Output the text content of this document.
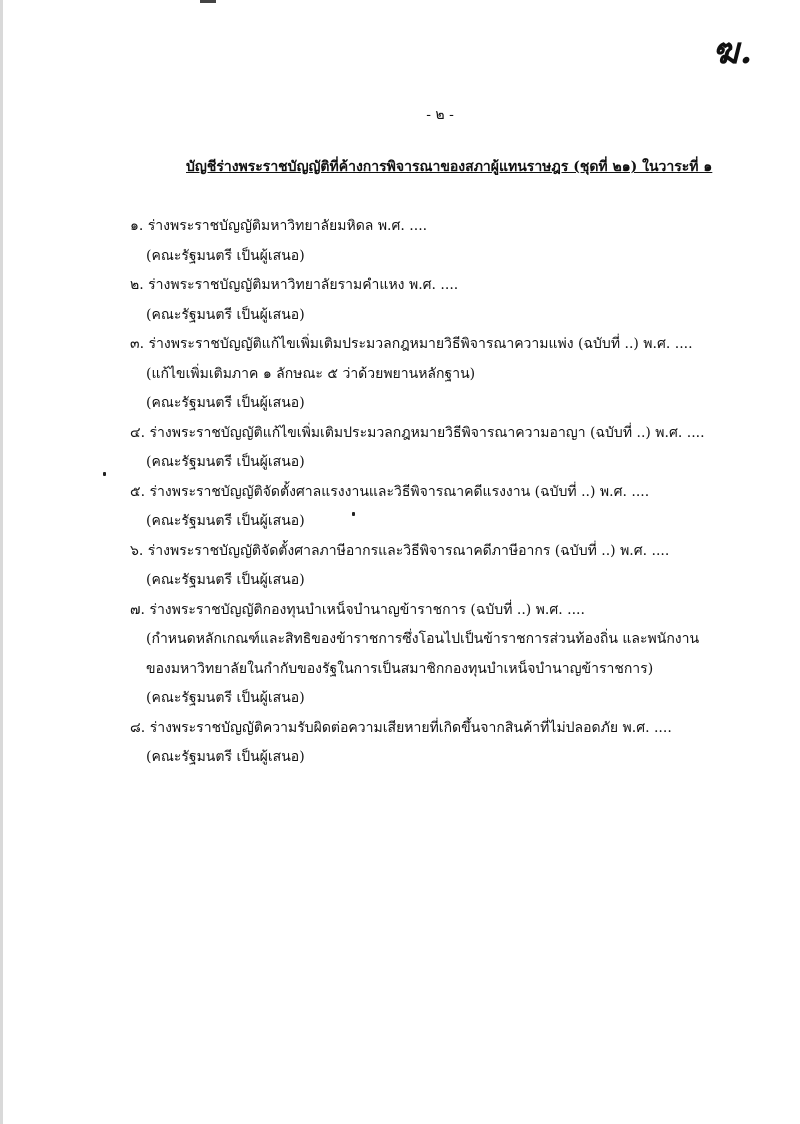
ฆ.
- ๒ -
บัญชีร่างพระราชบัญญัติที่ค้างการพิจารณาของสภาผู้แทนราษฎร (ชุดที่ ๒๑) ในวาระที่ ๑
๑. ร่างพระราชบัญญัติมหาวิทยาลัยมหิดล พ.ศ. ....
(คณะรัฐมนตรี เป็นผู้เสนอ)
๒. ร่างพระราชบัญญัติมหาวิทยาลัยรามคำแหง พ.ศ. ....
(คณะรัฐมนตรี เป็นผู้เสนอ)
๓. ร่างพระราชบัญญัติแก้ไขเพิ่มเติมประมวลกฎหมายวิธีพิจารณาความแพ่ง (ฉบับที่ ..) พ.ศ. ....
(แก้ไขเพิ่มเติมภาค ๑ ลักษณะ ๕ ว่าด้วยพยานหลักฐาน)
(คณะรัฐมนตรี เป็นผู้เสนอ)
๔. ร่างพระราชบัญญัติแก้ไขเพิ่มเติมประมวลกฎหมายวิธีพิจารณาความอาญา (ฉบับที่ ..) พ.ศ. ....
(คณะรัฐมนตรี เป็นผู้เสนอ)
๕. ร่างพระราชบัญญัติจัดตั้งศาลแรงงานและวิธีพิจารณาคดีแรงงาน (ฉบับที่ ..) พ.ศ. ....
(คณะรัฐมนตรี เป็นผู้เสนอ)
๖. ร่างพระราชบัญญัติจัดตั้งศาลภาษีอากรและวิธีพิจารณาคดีภาษีอากร (ฉบับที่ ..) พ.ศ. ....
(คณะรัฐมนตรี เป็นผู้เสนอ)
๗. ร่างพระราชบัญญัติกองทุนบำเหน็จบำนาญข้าราชการ (ฉบับที่ ..) พ.ศ. ....
(กำหนดหลักเกณฑ์และสิทธิของข้าราชการซึ่งโอนไปเป็นข้าราชการส่วนท้องถิ่น และพนักงาน
ของมหาวิทยาลัยในกำกับของรัฐในการเป็นสมาชิกกองทุนบำเหน็จบำนาญข้าราชการ)
(คณะรัฐมนตรี เป็นผู้เสนอ)
๘. ร่างพระราชบัญญัติความรับผิดต่อความเสียหายที่เกิดขึ้นจากสินค้าที่ไม่ปลอดภัย พ.ศ. ....
(คณะรัฐมนตรี เป็นผู้เสนอ)
